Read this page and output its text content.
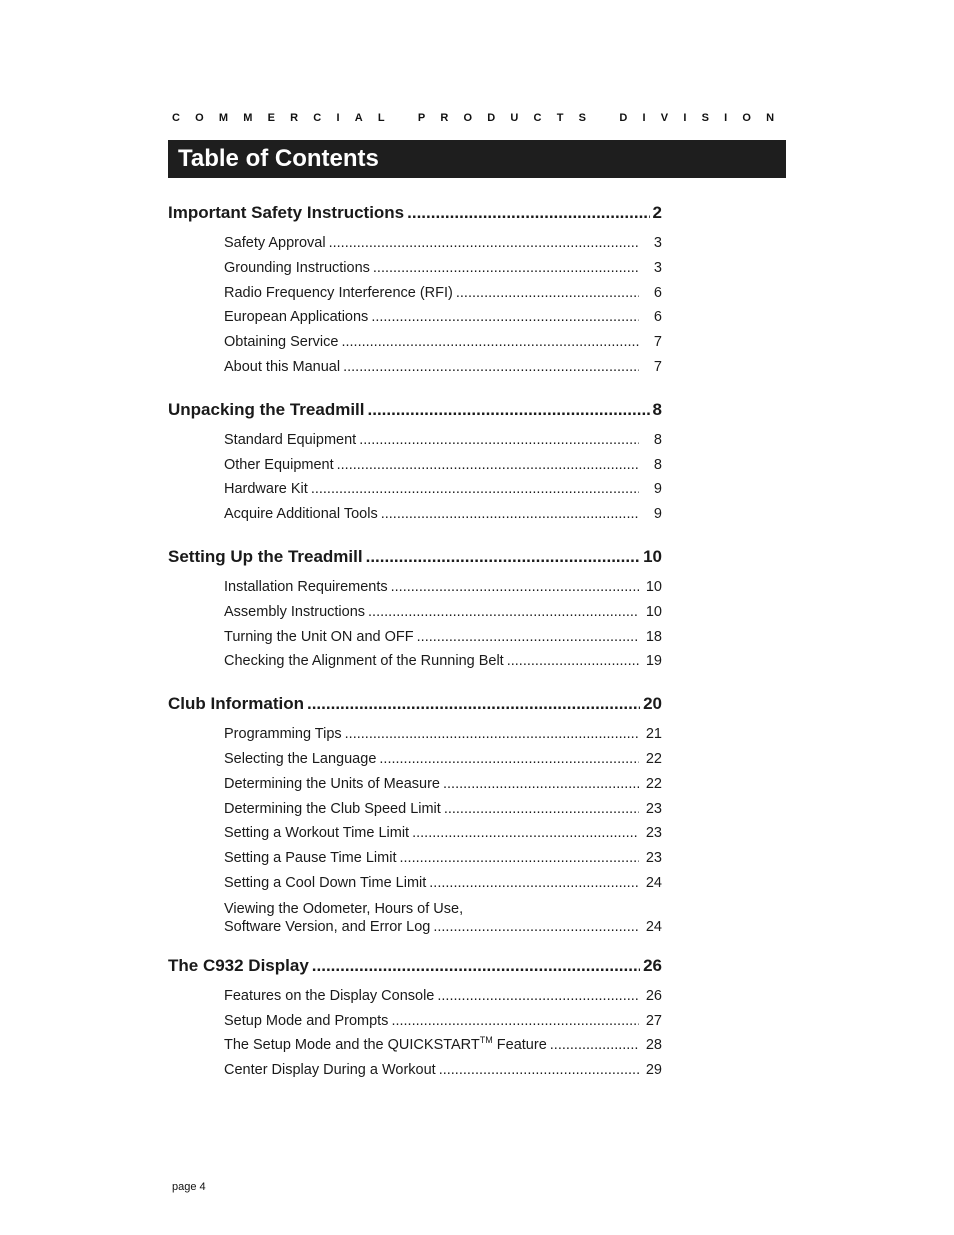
COMMERCIAL PRODUCTS DIVISION
Table of Contents
Important Safety Instructions .....	2
Safety Approval .....	3
Grounding Instructions .....	3
Radio Frequency Interference (RFI) .....	6
European Applications .....	6
Obtaining Service .....	7
About this Manual .....	7
Unpacking the Treadmill .....	8
Standard Equipment .....	8
Other Equipment .....	8
Hardware Kit .....	9
Acquire Additional Tools .....	9
Setting Up the Treadmill .....	10
Installation Requirements .....	10
Assembly Instructions .....	10
Turning the Unit ON and OFF .....	18
Checking the Alignment of the Running Belt .....	19
Club Information .....	20
Programming Tips .....	21
Selecting the Language .....	22
Determining the Units of Measure .....	22
Determining the Club Speed Limit .....	23
Setting a Workout Time Limit .....	23
Setting a Pause Time Limit .....	23
Setting a Cool Down Time Limit .....	24
Viewing the Odometer, Hours of Use,
Software Version, and Error Log .....	24
The C932 Display .....	26
Features on the Display Console .....	26
Setup Mode and Prompts .....	27
The Setup Mode and the QUICKSTART™ Feature .....	28
Center Display During a Workout .....	29
page 4
